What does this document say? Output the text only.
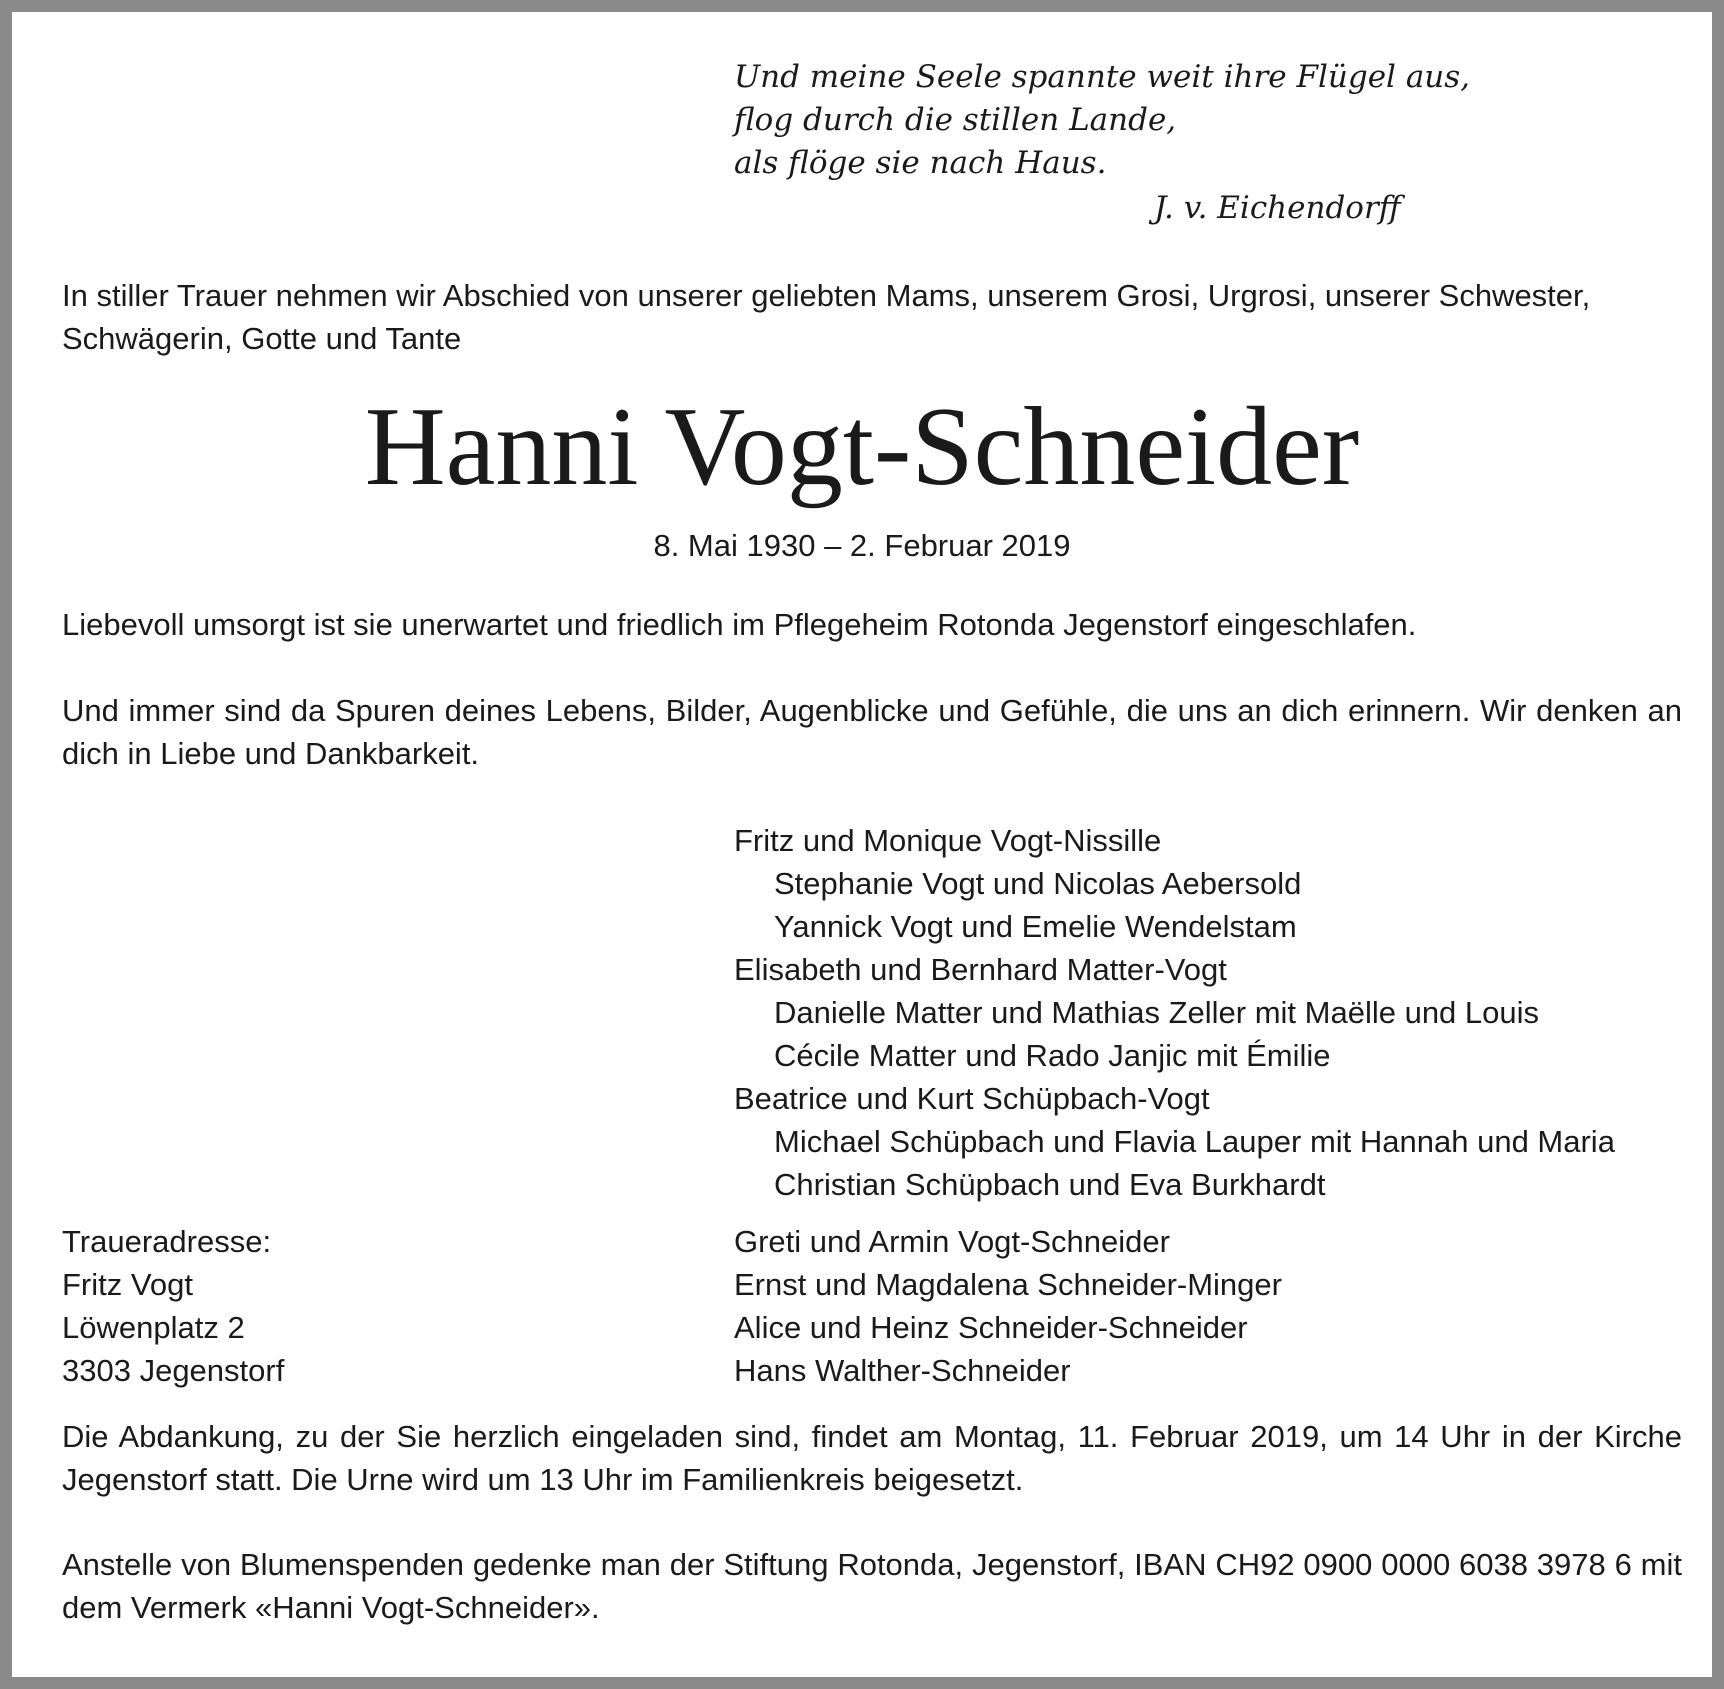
Und meine Seele spannte weit ihre Flügel aus,
flog durch die stillen Lande,
als flöge sie nach Haus.
J. v. Eichendorff
In stiller Trauer nehmen wir Abschied von unserer geliebten Mams, unserem Grosi, Urgrosi, unserer Schwester, Schwägerin, Gotte und Tante
Hanni Vogt-Schneider
8. Mai 1930 – 2. Februar 2019
Liebevoll umsorgt ist sie unerwartet und friedlich im Pflegeheim Rotonda Jegenstorf eingeschlafen.
Und immer sind da Spuren deines Lebens, Bilder, Augenblicke und Gefühle, die uns an dich erinnern. Wir denken an dich in Liebe und Dankbarkeit.
Fritz und Monique Vogt-Nissille
Stephanie Vogt und Nicolas Aebersold
Yannick Vogt und Emelie Wendelstam
Elisabeth und Bernhard Matter-Vogt
Danielle Matter und Mathias Zeller mit Maëlle und Louis
Cécile Matter und Rado Janjic mit Émilie
Beatrice und Kurt Schüpbach-Vogt
Michael Schüpbach und Flavia Lauper mit Hannah und Maria
Christian Schüpbach und Eva Burkhardt
Traueradresse:
Fritz Vogt
Löwenplatz 2
3303 Jegenstorf
Greti und Armin Vogt-Schneider
Ernst und Magdalena Schneider-Minger
Alice und Heinz Schneider-Schneider
Hans Walther-Schneider
Die Abdankung, zu der Sie herzlich eingeladen sind, findet am Montag, 11. Februar 2019, um 14 Uhr in der Kirche Jegenstorf statt. Die Urne wird um 13 Uhr im Familienkreis beigesetzt.
Anstelle von Blumenspenden gedenke man der Stiftung Rotonda, Jegenstorf, IBAN CH92 0900 0000 6038 3978 6 mit dem Vermerk «Hanni Vogt-Schneider».
